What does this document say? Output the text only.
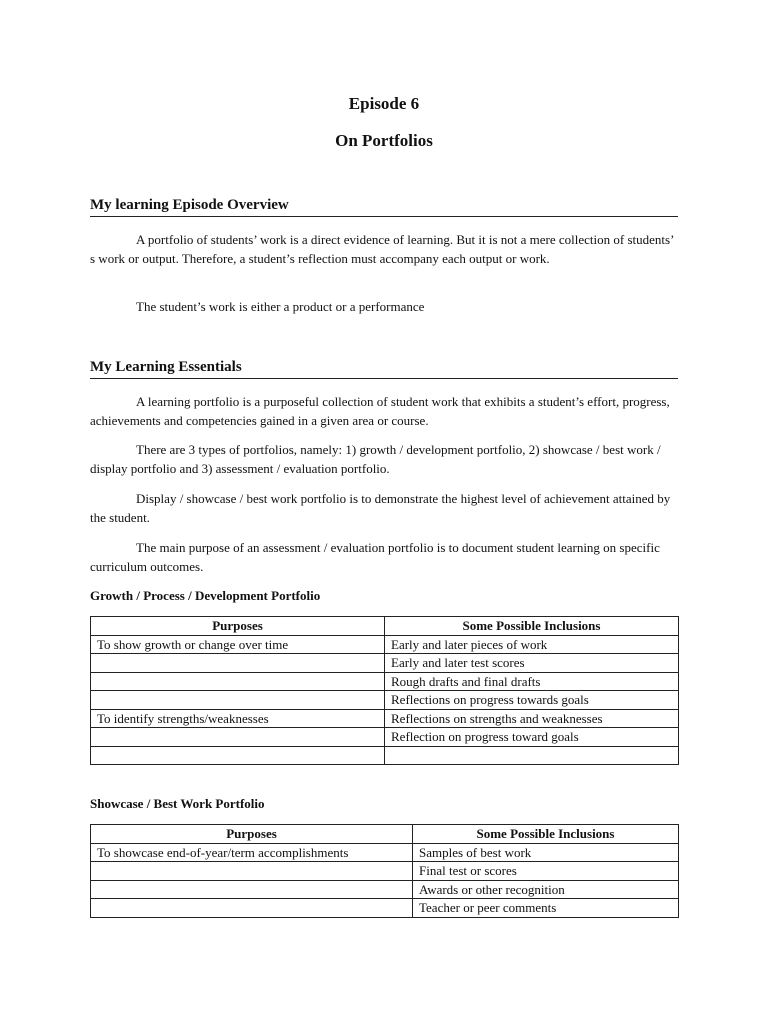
Episode 6
On Portfolios
My learning Episode Overview

A portfolio of students’ work is a direct evidence of learning. But it is not a mere collection of students’ s work or output. Therefore, a student’s reflection must accompany each output or work.

The student’s work is either a product or a performance

My Learning Essentials

A learning portfolio is a purposeful collection of student work that exhibits a student’s effort, progress, achievements and competencies gained in a given area or course.

There are 3 types of portfolios, namely: 1) growth / development portfolio, 2) showcase / best work / display portfolio and 3) assessment / evaluation portfolio.

Display / showcase / best work portfolio is to demonstrate the highest level of achievement attained by the student.

The main purpose of an assessment / evaluation portfolio is to document student learning on specific curriculum outcomes.

Growth / Process / Development Portfolio
Purposes	Some Possible Inclusions
To show growth or change over time	Early and later pieces of work
	Early and later test scores
	Rough drafts and final drafts
	Reflections on progress towards goals
To identify strengths/weaknesses	Reflections on strengths and weaknesses
	Reflection on progress toward goals

Showcase / Best Work Portfolio
Purposes	Some Possible Inclusions
To showcase end-of-year/term accomplishments	Samples of best work
	Final test or scores
	Awards or other recognition
	Teacher or peer comments
